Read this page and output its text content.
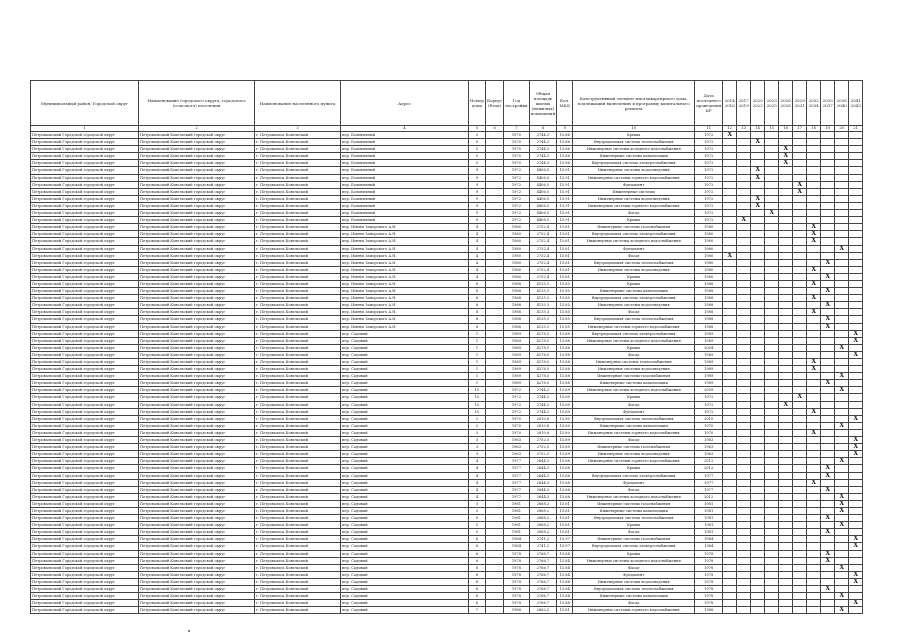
Муниципальный район, Городской округ	Наименование городского округа, городского (сельского) поселения	Наименование населенного пункта	Адрес	Номер дома	Корпус (блок)	Год постройки	Общая площадь жилых (нежилых) помещений	Кол. МКД	Конструктивный элемент многоквартирного дома, подлежащий включению в программу капитального ремонта	Дата последнего проведения КР	2014 2016	2017 2019	2020 2022	2023 2025	2026 2028	2029 2031	2032 2034	2035 2037	2038 2040	2041 2043
1	2	3	4	5	6	7	8	9	10	11	12	13	14	15	16	17	18	19	20	21
Петровальский Городской городской округ	Петровальский Ковельский городской округ	г. Петровальск Ковельский	пер. Больничный	5		1970	2744,3	15,86	Крыша	1972	X									
Петровальский Городской городской округ	Петровальский Ковельский городской округ	г. Петровальск Ковельский	пер. Больничный	5		1970	2744,3	15,86	Внутридомовая система теплоснабжения	1972			X							
Петровальский Городской городской округ	Петровальский Ковельский городской округ	г. Петровальск Ковельский	пер. Больничный	5		1970	2744,3	15,86	Инженерные системы холодного водоснабжения	1972					X					
Петровальский Городской городской округ	Петровальский Ковельский городской округ	г. Петровальск Ковельский	пер. Больничный	5		1970	2744,3	15,86	Инженерные системы канализации	1972					X					
Петровальский Городской городской округ	Петровальский Ковельский городской округ	г. Петровальск Ковельский	пер. Больничный	5		1970	2744,3	15,86	Внутридомовая система электроснабжения	1972					X					
Петровальский Городской городской округ	Петровальский Ковельский городской округ	г. Петровальск Ковельский	пер. Больничный	9		1972	4406,5	15,91	Инженерные системы водоотведения	1972			X							
Петровальский Городской городской округ	Петровальский Ковельский городской округ	г. Петровальск Ковельский	пер. Больничный	9		1972	4406,5	15,91	Инженерные системы горячего водоснабжения	1972			X							
Петровальский Городской городской округ	Петровальский Ковельский городской округ	г. Петровальск Ковельский	пер. Больничный	9		1972	4406,5	15,91	Фундамент	1972						X				
Петровальский Городской городской округ	Петровальский Ковельский городской округ	г. Петровальск Ковельский	пер. Больничный	9		1972	4406,5	15,91	Инженерные системы	1972						X				
Петровальский Городской городской округ	Петровальский Ковельский городской округ	г. Петровальск Ковельский	пер. Больничный	9		1972	4406,5	15,91	Инженерные системы водоотведения	1972			X							
Петровальский Городской городской округ	Петровальский Ковельский городской округ	г. Петровальск Ковельский	пер. Больничный	9		1972	4406,5	15,91	Инженерные системы горячего водоснабжения	1972			X							
Петровальский Городской городской округ	Петровальский Ковельский городской округ	г. Петровальск Ковельский	пер. Больничный	9		1972	4406,5	15,91	Фасад	1972				X						
Петровальский Городской городской округ	Петровальский Ковельский городской округ	г. Петровальск Ковельский	пер. Больничный	9		1972	4406,5	15,91	Крыша	1972		X								
Петровальский Городской городской округ	Петровальский Ковельский городской округ	г. Петровальск Ковельский	пер. Имени Заморского А.Н.	4		1980	2752,4	15,61	Инженерные системы газоснабжения	1980							X			
Петровальский Городской городской округ	Петровальский Ковельский городской округ	г. Петровальск Ковельский	пер. Имени Заморского А.Н.	4		1980	2752,4	15,61	Внутридомовая система электроснабжения	1980							X			
Петровальский Городской городской округ	Петровальский Ковельский городской округ	г. Петровальск Ковельский	пер. Имени Заморского А.Н.	4		1980	2752,4	15,61	Инженерные системы холодного водоснабжения	1980							X			
Петровальский Городской городской округ	Петровальский Ковельский городской округ	г. Петровальск Ковельский	пер. Имени Заморского А.Н.	4		1980	2752,4	15,61	Фундамент	1980									X	
Петровальский Городской городской округ	Петровальский Ковельский городской округ	г. Петровальск Ковельский	пер. Имени Заморского А.Н.	4		1980	2752,4	15,61	Фасад	1980	X									
Петровальский Городской городской округ	Петровальский Ковельский городской округ	г. Петровальск Ковельский	пер. Имени Заморского А.Н.	4		1980	2752,4	15,61	Внутридомовая система теплоснабжения	1980								X		
Петровальский Городской городской округ	Петровальский Ковельский городской округ	г. Петровальск Ковельский	пер. Имени Заморского А.Н.	4		1980	2752,4	15,61	Инженерные системы водоотведения	1980							X			
Петровальский Городской городской округ	Петровальский Ковельский городской округ	г. Петровальск Ковельский	пер. Имени Заморского А.Н.	4		1980	2752,4	15,61	Крыша	1980								X		
Петровальский Городской городской округ	Петровальский Ковельский городской округ	г. Петровальск Ковельский	пер. Имени Заморского А.Н.	8		1988	4135,3	15,85	Крыша	1988							X			
Петровальский Городской городской округ	Петровальский Ковельский городской округ	г. Петровальск Ковельский	пер. Имени Заморского А.Н.	8		1988	4135,3	15,85	Инженерные системы канализации	1988								X		
Петровальский Городской городской округ	Петровальский Ковельский городской округ	г. Петровальск Ковельский	пер. Имени Заморского А.Н.	8		1988	4135,3	15,85	Внутридомовая система электроснабжения	1988							X			
Петровальский Городской городской округ	Петровальский Ковельский городской округ	г. Петровальск Ковельский	пер. Имени Заморского А.Н.	8		1988	4135,3	15,85	Инженерные системы водоотведения	1988								X		
Петровальский Городской городской округ	Петровальский Ковельский городской округ	г. Петровальск Ковельский	пер. Имени Заморского А.Н.	8		1988	4135,3	15,85	Фасад	1988							X			
Петровальский Городской городской округ	Петровальский Ковельский городской округ	г. Петровальск Ковельский	пер. Имени Заморского А.Н.	8		1988	4135,3	15,85	Внутридомовая система теплоснабжения	1988								X		
Петровальский Городской городской округ	Петровальский Ковельский городской округ	г. Петровальск Ковельский	пер. Имени Заморского А.Н.	8		1988	4135,3	15,85	Инженерные системы горячего водоснабжения	1988								X		
Петровальский Городской городской округ	Петровальский Ковельский городской округ	г. Петровальск Ковельский	пер. Садовый	1		1989	4278,5	15,88	Внутридомовая система электроснабжения	1989										X
Петровальский Городской городской округ	Петровальский Ковельский городской округ	г. Петровальск Ковельский	пер. Садовый	1		1989	4278,5	15,88	Инженерные системы холодного водоснабжения	1989										X
Петровальский Городской городской округ	Петровальский Ковельский городской округ	г. Петровальск Ковельский	пер. Садовый	1		1989	4278,5	15,88	Крыша	2004									X	
Петровальский Городской городской округ	Петровальский Ковельский городской округ	г. Петровальск Ковельский	пер. Садовый	1		1989	4278,5	15,88	Фасад	1989										X
Петровальский Городской городской округ	Петровальский Ковельский городской округ	г. Петровальск Ковельский	пер. Садовый	1		1989	4278,5	15,88	Инженерные системы теплоснабжения	1989							X			
Петровальский Городской городской округ	Петровальский Ковельский городской округ	г. Петровальск Ковельский	пер. Садовый	1		1989	4278,5	15,88	Инженерные системы водоотведения	1989							X			
Петровальский Городской городской округ	Петровальский Ковельский городской округ	г. Петровальск Ковельский	пер. Садовый	1		1989	4278,5	15,88	Инженерные системы газоснабжения	1989									X	
Петровальский Городской городской округ	Петровальский Ковельский городской округ	г. Петровальск Ковельский	пер. Садовый	1		1989	4278,5	15,88	Инженерные системы канализации	1989								X		
Петровальский Городской городской округ	Петровальский Ковельский городской округ	г. Петровальск Ковельский	пер. Садовый	10		1972	2744,2	15,69	Инженерные системы холодного водоснабжения	2009									X	
Петровальский Городской городской округ	Петровальский Ковельский городской округ	г. Петровальск Ковельский	пер. Садовый	10		1972	2744,2	15,69	Крыша	1972						X				
Петровальский Городской городской округ	Петровальский Ковельский городской округ	г. Петровальск Ковельский	пер. Садовый	10		1972	2744,2	15,69	Фасад	1972					X					
Петровальский Городской городской округ	Петровальский Ковельский городской округ	г. Петровальск Ковельский	пер. Садовый	10		1972	2744,2	15,69	Фундамент	1972							X			
Петровальский Городской городской округ	Петровальский Ковельский городской округ	г. Петровальск Ковельский	пер. Садовый	2		1970	2810,8	15,80	Внутридомовая система теплоснабжения	2010										X
Петровальский Городской городской округ	Петровальский Ковельский городской округ	г. Петровальск Ковельский	пер. Садовый	2		1970	2810,8	15,80	Инженерные системы канализации	1970									X	
Петровальский Городской городской округ	Петровальский Ковельский городской округ	г. Петровальск Ковельский	пер. Садовый	2		1970	2810,8	15,80	Инженерные системы горячего водоснабжения	1970							X			
Петровальский Городской городской округ	Петровальский Ковельский городской округ	г. Петровальск Ковельский	пер. Садовый	3		1963	2752,5	15,89	Фасад	1963										X
Петровальский Городской городской округ	Петровальский Ковельский городской округ	г. Петровальск Ковельский	пер. Садовый	3		1963	2752,5	15,89	Инженерные системы газоснабжения	1963										X
Петровальский Городской городской округ	Петровальский Ковельский городской округ	г. Петровальск Ковельский	пер. Садовый	3		1963	2752,5	15,89	Инженерные системы водоотведения	1963										X
Петровальский Городской городской округ	Петровальский Ковельский городской округ	г. Петровальск Ковельский	пер. Садовый	4		1977	2644,3	15,68	Инженерные системы горячего водоснабжения	2012									X	
Петровальский Городской городской округ	Петровальский Ковельский городской округ	г. Петровальск Ковельский	пер. Садовый	4		1977	2644,3	15,68	Крыша	2012								X		
Петровальский Городской городской округ	Петровальский Ковельский городской округ	г. Петровальск Ковельский	пер. Садовый	4		1977	2644,3	15,68	Внутридомовая система электроснабжения	1977								X		
Петровальский Городской городской округ	Петровальский Ковельский городской округ	г. Петровальск Ковельский	пер. Садовый	4		1977	2644,3	15,68	Фундамент	1977							X			
Петровальский Городской городской округ	Петровальский Ковельский городской округ	г. Петровальск Ковельский	пер. Садовый	4		1977	2644,3	15,68	Фасад	1977								X		
Петровальский Городской городской округ	Петровальский Ковельский городской округ	г. Петровальск Ковельский	пер. Садовый	4		1977	2644,3	15,68	Инженерные системы холодного водоснабжения	2012									X	
Петровальский Городской городской округ	Петровальский Ковельский городской округ	г. Петровальск Ковельский	пер. Садовый	5		1981	2868,2	15,61	Инженерные системы газоснабжения	1981									X	
Петровальский Городской городской округ	Петровальский Ковельский городской округ	г. Петровальск Ковельский	пер. Садовый	5		1981	2868,2	15,61	Инженерные системы канализации	1981									X	
Петровальский Городской городской округ	Петровальский Ковельский городской округ	г. Петровальск Ковельский	пер. Садовый	5		1981	2868,2	15,61	Внутридомовая система теплоснабжения	1981								X		
Петровальский Городской городской округ	Петровальский Ковельский городской округ	г. Петровальск Ковельский	пер. Садовый	5		1981	2868,2	15,61	Крыша	1981									X	
Петровальский Городской городской округ	Петровальский Ковельский городской округ	г. Петровальск Ковельский	пер. Садовый	5		1981	2868,2	15,61	Фасад	1981								X		
Петровальский Городской городской округ	Петровальский Ковельский городской округ	г. Петровальск Ковельский	пер. Садовый	6		1984	2741,2	15,97	Инженерные системы газоснабжения	1984										X
Петровальский Городской городской округ	Петровальский Ковельский городской округ	г. Петровальск Ковельский	пер. Садовый	6		1984	2741,2	15,97	Внутридомовая система электроснабжения	1984										X
Петровальский Городской городской округ	Петровальский Ковельский городской округ	г. Петровальск Ковельский	пер. Садовый	6		1978	2766,7	15,84	Крыша	1978								X		
Петровальский Городской городской округ	Петровальский Ковельский городской округ	г. Петровальск Ковельский	пер. Садовый	6		1978	2766,7	15,84	Инженерные системы холодного водоснабжения	1978								X		
Петровальский Городской городской округ	Петровальский Ковельский городской округ	г. Петровальск Ковельский	пер. Садовый	6		1978	2766,7	15,84	Фасад	1978									X	
Петровальский Городской городской округ	Петровальский Ковельский городской округ	г. Петровальск Ковельский	пер. Садовый	6		1978	2766,7	15,84	Фундамент	1978										X
Петровальский Городской городской округ	Петровальский Ковельский городской округ	г. Петровальск Ковельский	пер. Садовый	6		1978	2766,7	15,84	Инженерные системы водоотведения	1978										X
Петровальский Городской городской округ	Петровальский Ковельский городской округ	г. Петровальск Ковельский	пер. Садовый	6		1978	2766,7	15,84	Внутридомовая система теплоснабжения	1978								X		
Петровальский Городской городской округ	Петровальский Ковельский городской округ	г. Петровальск Ковельский	пер. Садовый	6		1978	2766,7	15,84	Инженерные системы канализации	1978									X	
Петровальский Городской городской округ	Петровальский Ковельский городской округ	г. Петровальск Ковельский	пер. Садовый	6		1978	2766,7	15,84	Фасад	1978										X
Петровальский Городской городской округ	Петровальский Ковельский городской округ	г. Петровальск Ковельский	пер. Садовый	7		1988	2862,3	15,81	Инженерные системы горячего водоснабжения	1988									X	
